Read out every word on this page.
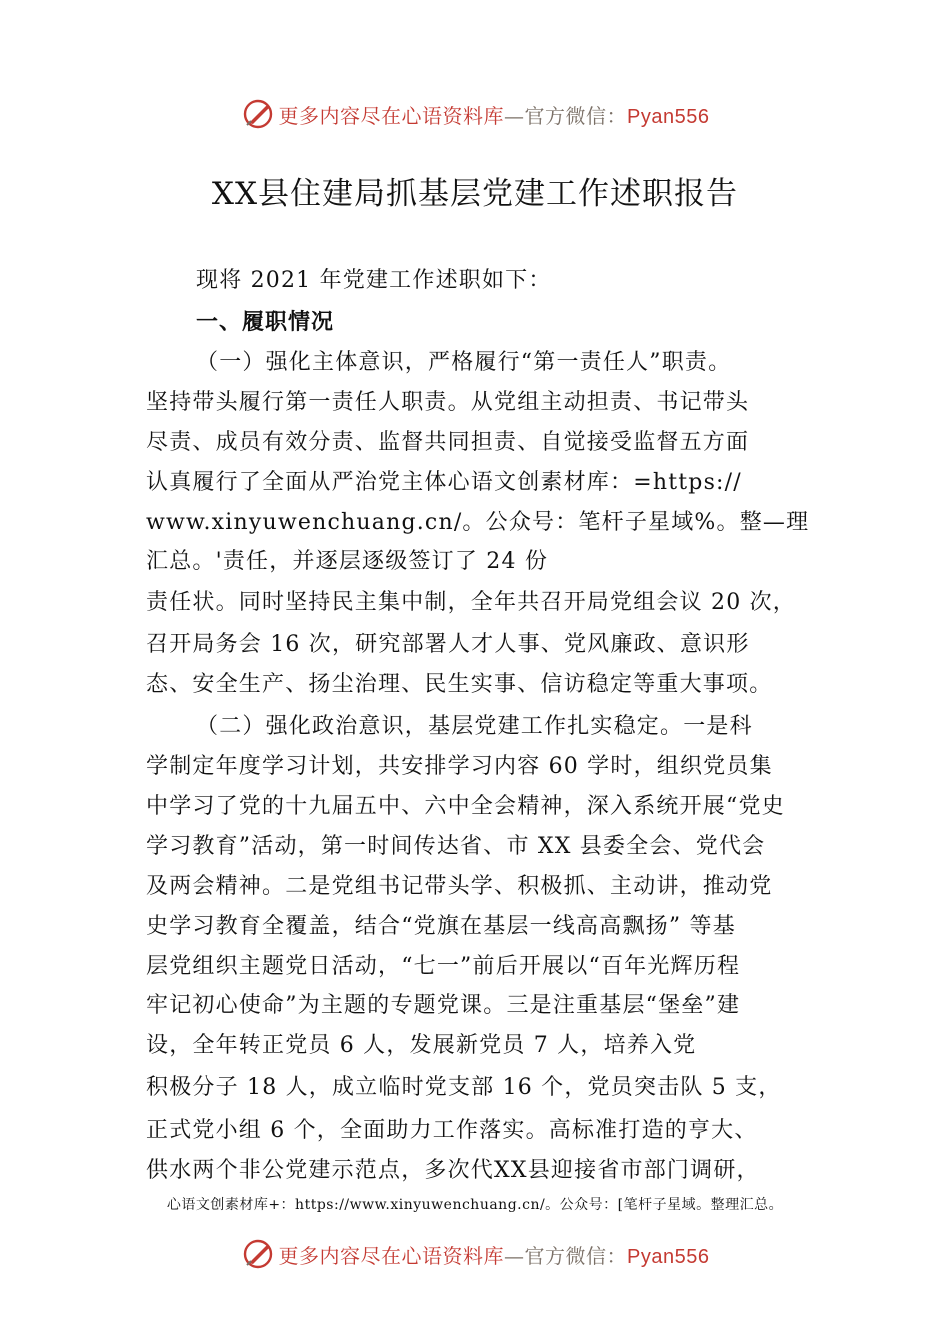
更多内容尽在心语资料库—官方微信：Pyan556
XX县住建局抓基层党建工作述职报告
现将 2021 年党建工作述职如下：
一、履职情况
（一）强化主体意识，严格履行“第一责任人”职责。
坚持带头履行第一责任人职责。从党组主动担责、书记带头
尽责、成员有效分责、监督共同担责、自觉接受监督五方面
认真履行了全面从严治党主体心语文创素材库：=https://
www.xinyuwenchuang.cn/。公众号：笔杆子星域%。整—理
汇总。'责任，并逐层逐级签订了 24 份
责任状。同时坚持民主集中制，全年共召开局党组会议 20 次，
召开局务会 16 次，研究部署人才人事、党风廉政、意识形
态、安全生产、扬尘治理、民生实事、信访稳定等重大事项。
（二）强化政治意识，基层党建工作扎实稳定。一是科
学制定年度学习计划，共安排学习内容 60 学时，组织党员集
中学习了党的十九届五中、六中全会精神，深入系统开展“党史
学习教育”活动，第一时间传达省、市 XX 县委全会、党代会
及两会精神。二是党组书记带头学、积极抓、主动讲，推动党
史学习教育全覆盖，结合“党旗在基层一线高高飘扬” 等基
层党组织主题党日活动，“七一”前后开展以“百年光辉历程
牢记初心使命”为主题的专题党课。三是注重基层“堡垒”建
设，全年转正党员 6 人，发展新党员 7 人，培养入党
积极分子 18 人，成立临时党支部 16 个，党员突击队 5 支，
正式党小组 6 个，全面助力工作落实。高标准打造的亨大、
供水两个非公党建示范点，多次代XX县迎接省市部门调研，
心语文创素材库+：https://www.xinyuwenchuang.cn/。公众号：[笔杆子星域。整理汇总。
更多内容尽在心语资料库—官方微信：Pyan556
